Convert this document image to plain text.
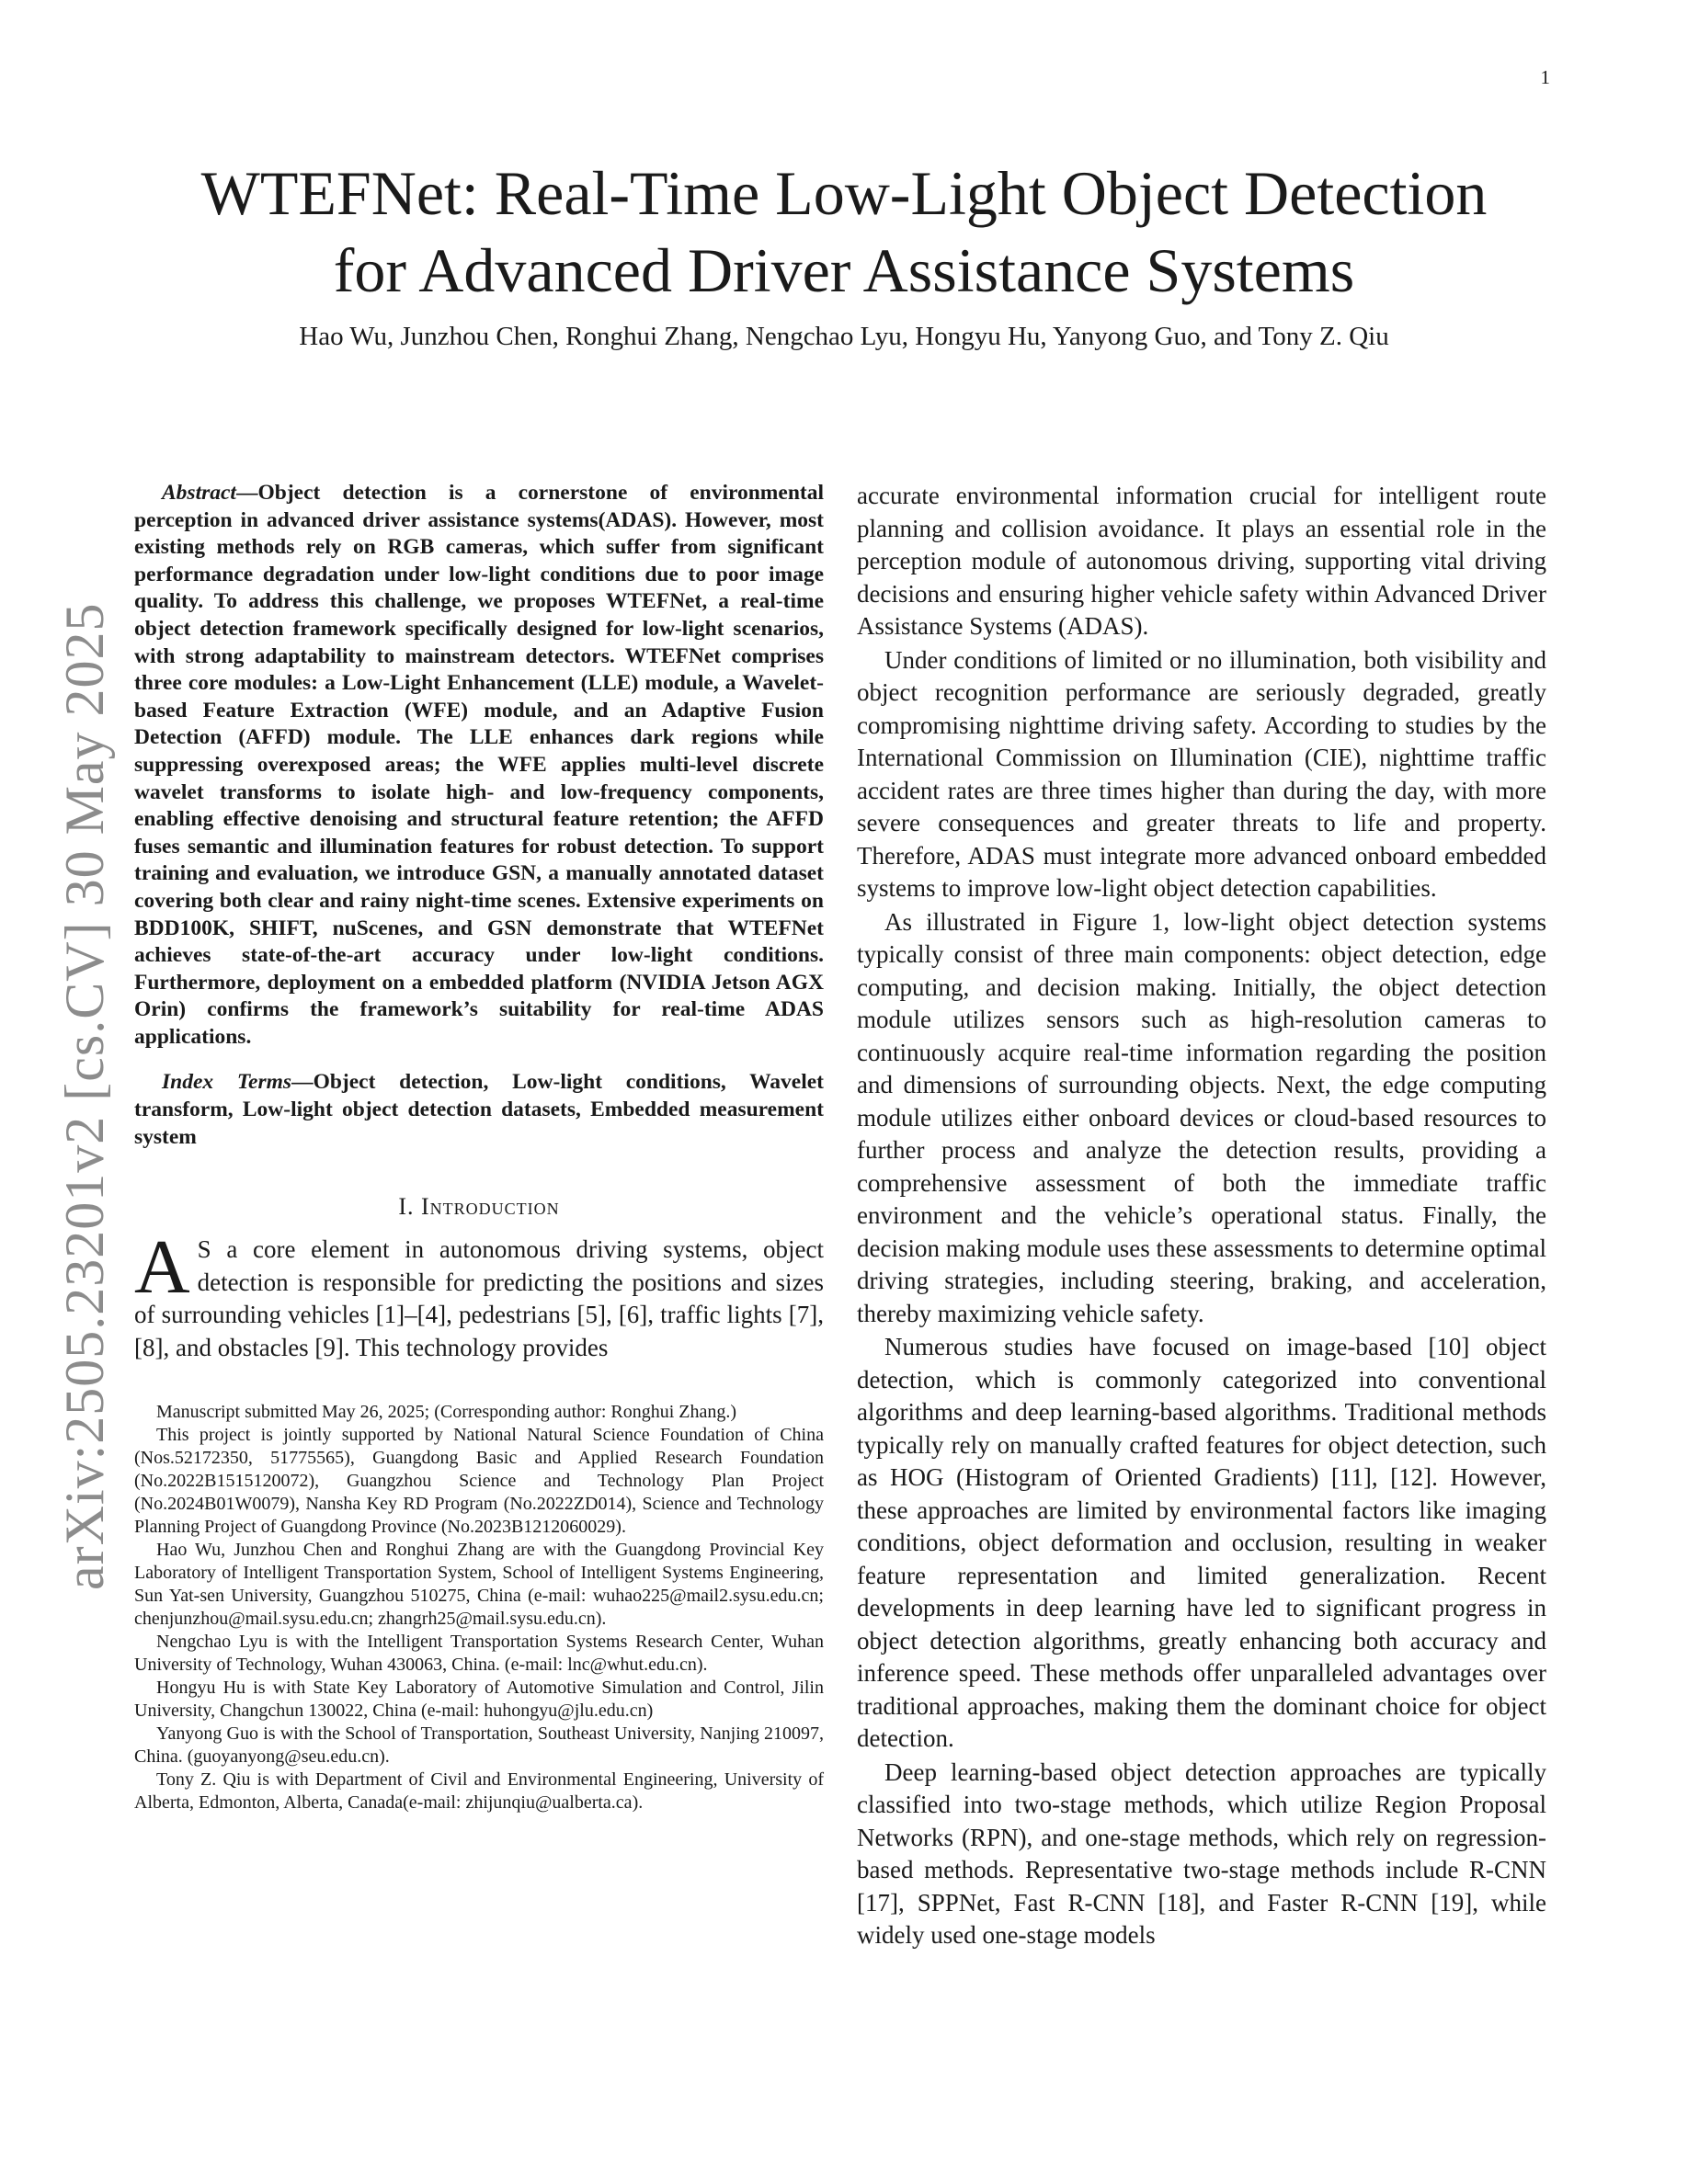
1
arXiv:2505.23201v2 [cs.CV] 30 May 2025
WTEFNet: Real-Time Low-Light Object Detection
for Advanced Driver Assistance Systems
Hao Wu, Junzhou Chen, Ronghui Zhang, Nengchao Lyu, Hongyu Hu, Yanyong Guo, and Tony Z. Qiu

Abstract—Object detection is a cornerstone of environmental perception in advanced driver assistance systems(ADAS). However, most existing methods rely on RGB cameras, which suffer from significant performance degradation under low-light conditions due to poor image quality. To address this challenge, we proposes WTEFNet, a real-time object detection framework specifically designed for low-light scenarios, with strong adaptability to mainstream detectors. WTEFNet comprises three core modules: a Low-Light Enhancement (LLE) module, a Wavelet-based Feature Extraction (WFE) module, and an Adaptive Fusion Detection (AFFD) module. The LLE enhances dark regions while suppressing overexposed areas; the WFE applies multi-level discrete wavelet transforms to isolate high- and low-frequency components, enabling effective denoising and structural feature retention; the AFFD fuses semantic and illumination features for robust detection. To support training and evaluation, we introduce GSN, a manually annotated dataset covering both clear and rainy night-time scenes. Extensive experiments on BDD100K, SHIFT, nuScenes, and GSN demonstrate that WTEFNet achieves state-of-the-art accuracy under low-light conditions. Furthermore, deployment on a embedded platform (NVIDIA Jetson AGX Orin) confirms the framework’s suitability for real-time ADAS applications.

Index Terms—Object detection, Low-light conditions, Wavelet transform, Low-light object detection datasets, Embedded measurement system

I. Introduction

A S a core element in autonomous driving systems, object detection is responsible for predicting the positions and sizes of surrounding vehicles [1]–[4], pedestrians [5], [6], traffic lights [7], [8], and obstacles [9]. This technology provides

Manuscript submitted May 26, 2025; (Corresponding author: Ronghui Zhang.)

This project is jointly supported by National Natural Science Foundation of China (Nos.52172350, 51775565), Guangdong Basic and Applied Research Foundation (No.2022B1515120072), Guangzhou Science and Technology Plan Project (No.2024B01W0079), Nansha Key RD Program (No.2022ZD014), Science and Technology Planning Project of Guangdong Province (No.2023B1212060029).

Hao Wu, Junzhou Chen and Ronghui Zhang are with the Guangdong Provincial Key Laboratory of Intelligent Transportation System, School of Intelligent Systems Engineering, Sun Yat-sen University, Guangzhou 510275, China (e-mail: wuhao225@mail2.sysu.edu.cn; chenjunzhou@mail.sysu.edu.cn; zhangrh25@mail.sysu.edu.cn).

Nengchao Lyu is with the Intelligent Transportation Systems Research Center, Wuhan University of Technology, Wuhan 430063, China. (e-mail: lnc@whut.edu.cn).

Hongyu Hu is with State Key Laboratory of Automotive Simulation and Control, Jilin University, Changchun 130022, China (e-mail: huhongyu@jlu.edu.cn)

Yanyong Guo is with the School of Transportation, Southeast University, Nanjing 210097, China. (guoyanyong@seu.edu.cn).

Tony Z. Qiu is with Department of Civil and Environmental Engineering, University of Alberta, Edmonton, Alberta, Canada(e-mail: zhijunqiu@ualberta.ca).

accurate environmental information crucial for intelligent route planning and collision avoidance. It plays an essential role in the perception module of autonomous driving, supporting vital driving decisions and ensuring higher vehicle safety within Advanced Driver Assistance Systems (ADAS).

Under conditions of limited or no illumination, both visibility and object recognition performance are seriously degraded, greatly compromising nighttime driving safety. According to studies by the International Commission on Illumination (CIE), nighttime traffic accident rates are three times higher than during the day, with more severe consequences and greater threats to life and property. Therefore, ADAS must integrate more advanced onboard embedded systems to improve low-light object detection capabilities.

As illustrated in Figure 1, low-light object detection systems typically consist of three main components: object detection, edge computing, and decision making. Initially, the object detection module utilizes sensors such as high-resolution cameras to continuously acquire real-time information regarding the position and dimensions of surrounding objects. Next, the edge computing module utilizes either onboard devices or cloud-based resources to further process and analyze the detection results, providing a comprehensive assessment of both the immediate traffic environment and the vehicle’s operational status. Finally, the decision making module uses these assessments to determine optimal driving strategies, including steering, braking, and acceleration, thereby maximizing vehicle safety.

Numerous studies have focused on image-based [10] object detection, which is commonly categorized into conventional algorithms and deep learning-based algorithms. Traditional methods typically rely on manually crafted features for object detection, such as HOG (Histogram of Oriented Gradients) [11], [12]. However, these approaches are limited by environmental factors like imaging conditions, object deformation and occlusion, resulting in weaker feature representation and limited generalization. Recent developments in deep learning have led to significant progress in object detection algorithms, greatly enhancing both accuracy and inference speed. These methods offer unparalleled advantages over traditional approaches, making them the dominant choice for object detection.

Deep learning-based object detection approaches are typically classified into two-stage methods, which utilize Region Proposal Networks (RPN), and one-stage methods, which rely on regression-based methods. Representative two-stage methods include R-CNN [17], SPPNet, Fast R-CNN [18], and Faster R-CNN [19], while widely used one-stage models
